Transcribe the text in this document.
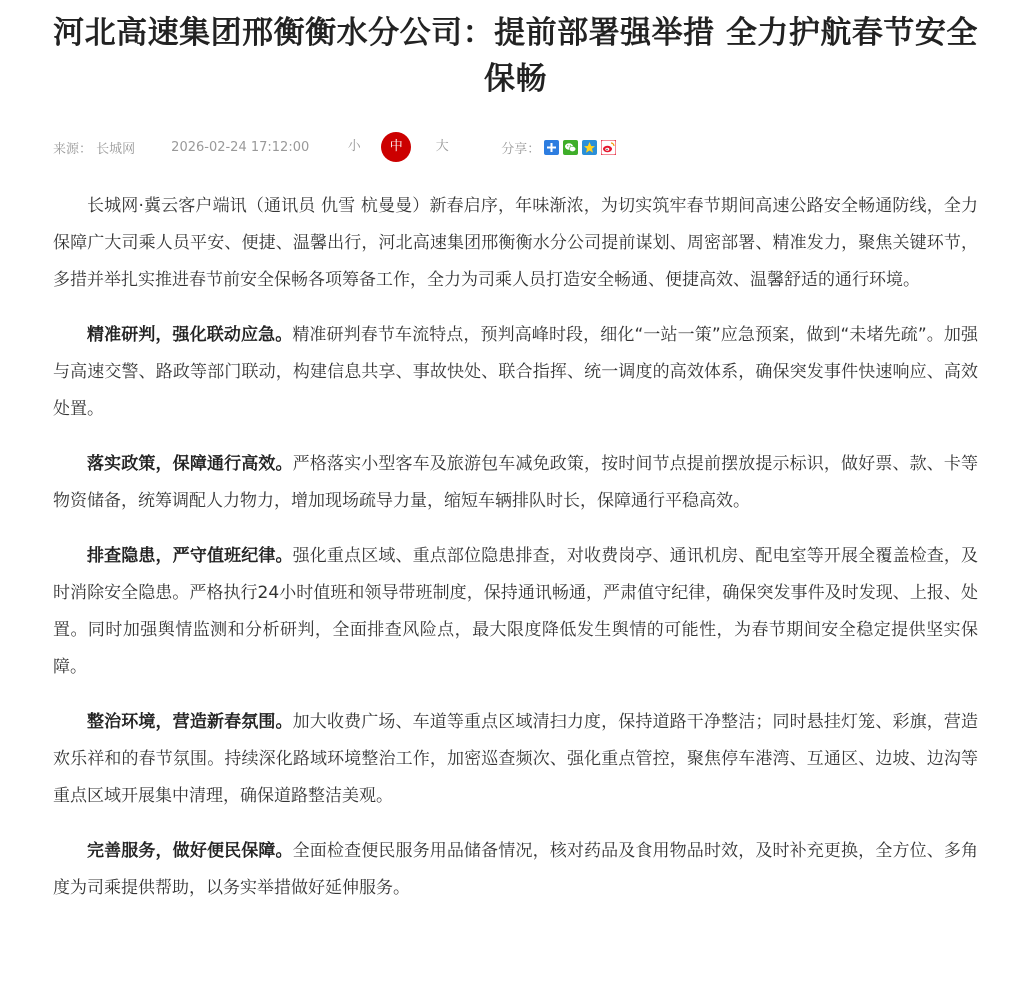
河北高速集团邢衡衡水分公司：提前部署强举措 全力护航春节安全保畅
来源： 长城网	2026-02-24 17:12:00	小	中	大	分享：

长城网·冀云客户端讯（通讯员 仇雪 杭曼曼）新春启序，年味渐浓，为切实筑牢春节期间高速公路安全畅通防线，全力保障广大司乘人员平安、便捷、温馨出行，河北高速集团邢衡衡水分公司提前谋划、周密部署、精准发力，聚焦关键环节，多措并举扎实推进春节前安全保畅各项筹备工作，全力为司乘人员打造安全畅通、便捷高效、温馨舒适的通行环境。

精准研判，强化联动应急。精准研判春节车流特点，预判高峰时段，细化“一站一策”应急预案，做到“未堵先疏”。加强与高速交警、路政等部门联动，构建信息共享、事故快处、联合指挥、统一调度的高效体系，确保突发事件快速响应、高效处置。

落实政策，保障通行高效。严格落实小型客车及旅游包车减免政策，按时间节点提前摆放提示标识，做好票、款、卡等物资储备，统筹调配人力物力，增加现场疏导力量，缩短车辆排队时长，保障通行平稳高效。

排查隐患，严守值班纪律。强化重点区域、重点部位隐患排查，对收费岗亭、通讯机房、配电室等开展全覆盖检查，及时消除安全隐患。严格执行24小时值班和领导带班制度，保持通讯畅通，严肃值守纪律，确保突发事件及时发现、上报、处置。同时加强舆情监测和分析研判，全面排查风险点，最大限度降低发生舆情的可能性，为春节期间安全稳定提供坚实保障。

整治环境，营造新春氛围。加大收费广场、车道等重点区域清扫力度，保持道路干净整洁；同时悬挂灯笼、彩旗，营造欢乐祥和的春节氛围。持续深化路域环境整治工作，加密巡查频次、强化重点管控，聚焦停车港湾、互通区、边坡、边沟等重点区域开展集中清理，确保道路整洁美观。

完善服务，做好便民保障。全面检查便民服务用品储备情况，核对药品及食用物品时效，及时补充更换，全方位、多角度为司乘提供帮助，以务实举措做好延伸服务。
